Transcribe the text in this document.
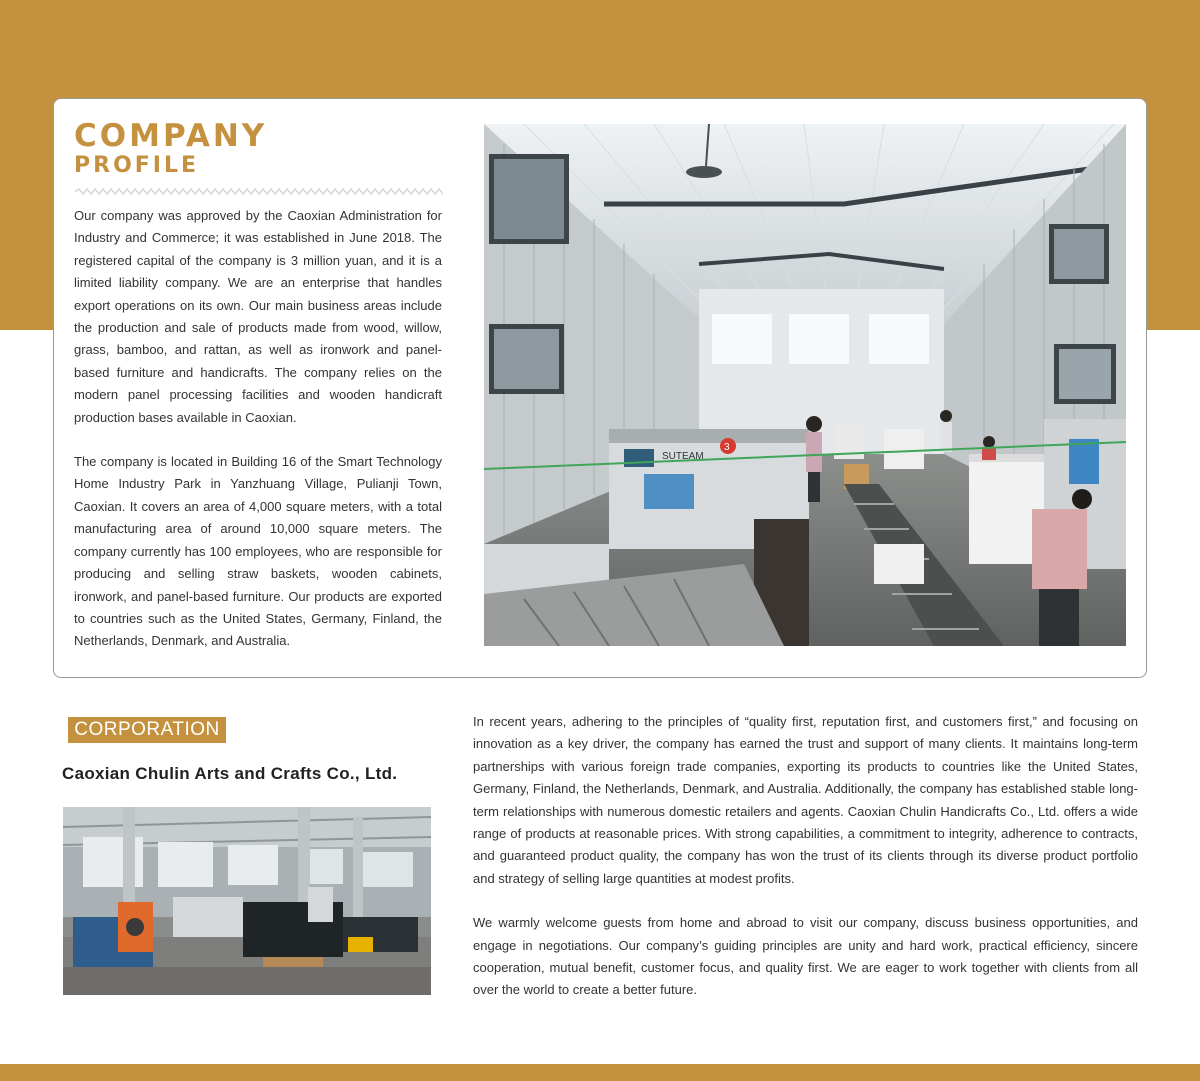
COMPANY
PROFILE

Our company was approved by the Caoxian Administration for Industry and Commerce; it was established in June 2018. The registered capital of the company is 3 million yuan, and it is a limited liability company. We are an enterprise that handles export operations on its own. Our main business areas include the production and sale of products made from wood, willow, grass, bamboo, and rattan, as well as ironwork and panel-based furniture and handicrafts. The company relies on the modern panel processing facilities and wooden handicraft production bases available in Caoxian.

The company is located in Building 16 of the Smart Technology Home Industry Park in Yanzhuang Village, Pulianji Town, Caoxian. It covers an area of 4,000 square meters, with a total manufacturing area of around 10,000 square meters. The company currently has 100 employees, who are responsible for producing and selling straw baskets, wooden cabinets, ironwork, and panel-based furniture. Our products are exported to countries such as the United States, Germany, Finland, the Netherlands, Denmark, and Australia.

3
SUTEAM
CORPORATION
Caoxian Chulin Arts and Crafts Co., Ltd.

In recent years, adhering to the principles of “quality first, reputation first, and customers first,” and focusing on innovation as a key driver, the company has earned the trust and support of many clients. It maintains long-term partnerships with various foreign trade companies, exporting its products to countries like the United States, Germany, Finland, the Netherlands, Denmark, and Australia. Additionally, the company has established stable long-term relationships with numerous domestic retailers and agents. Caoxian Chulin Handicrafts Co., Ltd. offers a wide range of products at reasonable prices. With strong capabilities, a commitment to integrity, adherence to contracts, and guaranteed product quality, the company has won the trust of its clients through its diverse product portfolio and strategy of selling large quantities at modest profits.

We warmly welcome guests from home and abroad to visit our company, discuss business opportunities, and engage in negotiations. Our company’s guiding principles are unity and hard work, practical efficiency, sincere cooperation, mutual benefit, customer focus, and quality first. We are eager to work together with clients from all over the world to create a better future.
